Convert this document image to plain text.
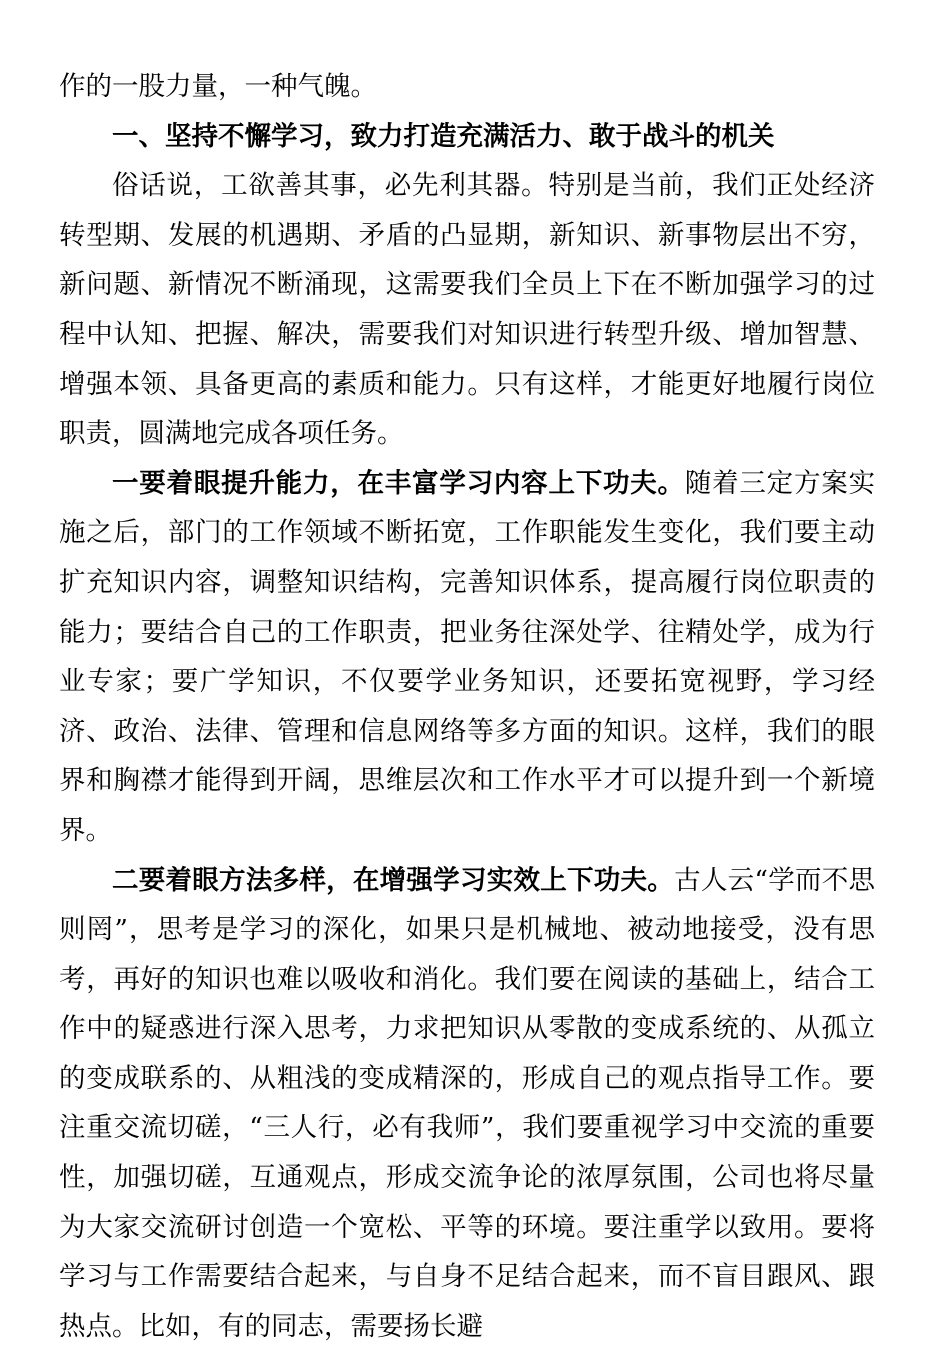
作的一股力量，一种气魄。

一、坚持不懈学习，致力打造充满活力、敢于战斗的机关

俗话说，工欲善其事，必先利其器。特别是当前，我们正处经济转型期、发展的机遇期、矛盾的凸显期，新知识、新事物层出不穷，新问题、新情况不断涌现，这需要我们全员上下在不断加强学习的过程中认知、把握、解决，需要我们对知识进行转型升级、增加智慧、增强本领、具备更高的素质和能力。只有这样，才能更好地履行岗位职责，圆满地完成各项任务。

一要着眼提升能力，在丰富学习内容上下功夫。随着三定方案实施之后，部门的工作领域不断拓宽，工作职能发生变化，我们要主动扩充知识内容，调整知识结构，完善知识体系，提高履行岗位职责的能力；要结合自己的工作职责，把业务往深处学、往精处学，成为行业专家；要广学知识，不仅要学业务知识，还要拓宽视野，学习经济、政治、法律、管理和信息网络等多方面的知识。这样，我们的眼界和胸襟才能得到开阔，思维层次和工作水平才可以提升到一个新境界。

二要着眼方法多样，在增强学习实效上下功夫。古人云“学而不思则罔”，思考是学习的深化，如果只是机械地、被动地接受，没有思考，再好的知识也难以吸收和消化。我们要在阅读的基础上，结合工作中的疑惑进行深入思考，力求把知识从零散的变成系统的、从孤立的变成联系的、从粗浅的变成精深的，形成自己的观点指导工作。要注重交流切磋，“三人行，必有我师”，我们要重视学习中交流的重要性，加强切磋，互通观点，形成交流争论的浓厚氛围，公司也将尽量为大家交流研讨创造一个宽松、平等的环境。要注重学以致用。要将学习与工作需要结合起来，与自身不足结合起来，而不盲目跟风、跟热点。比如，有的同志，需要扬长避
